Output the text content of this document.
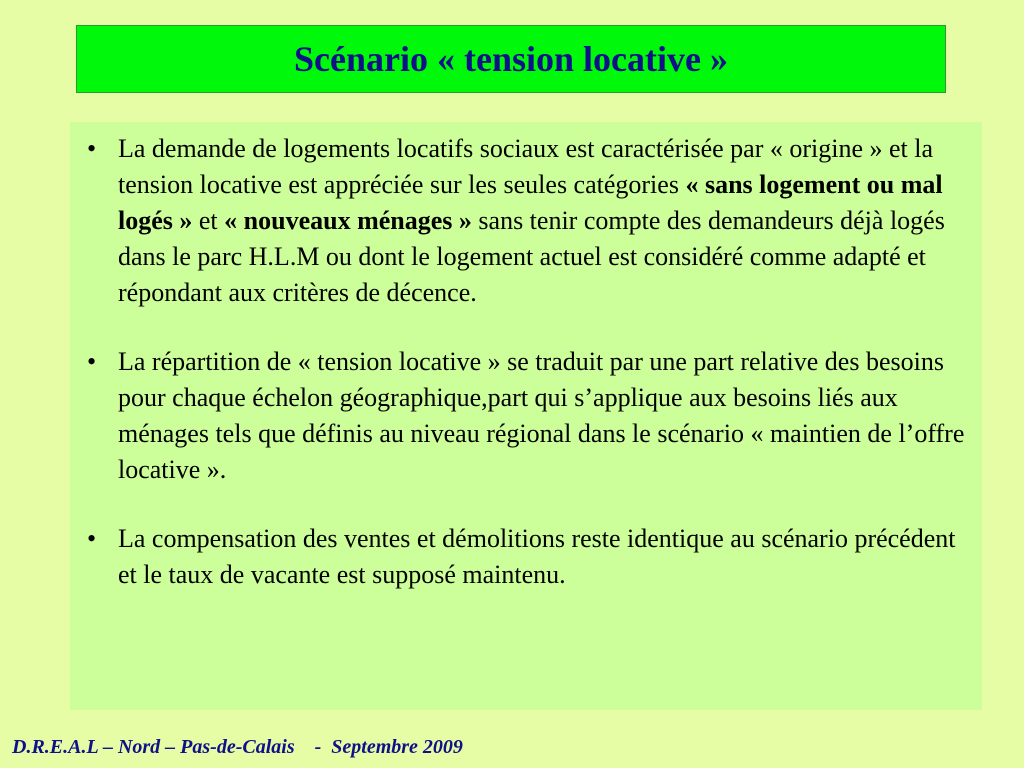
Scénario « tension locative »
• La demande de logements locatifs sociaux est caractérisée par « origine » et la tension locative est appréciée sur les seules catégories « sans logement ou mal logés » et « nouveaux ménages » sans tenir compte des demandeurs déjà logés dans le parc H.L.M ou dont le logement actuel est considéré comme adapté et répondant aux critères de décence.
• La répartition de « tension locative » se traduit par une part relative des besoins pour chaque échelon géographique,part qui s’applique aux besoins liés aux ménages tels que définis au niveau régional dans le scénario « maintien de l’offre locative ».
• La compensation des ventes et démolitions reste identique au scénario précédent et le taux de vacante est supposé maintenu.
D.R.E.A.L – Nord – Pas-de-Calais    -  Septembre 2009
